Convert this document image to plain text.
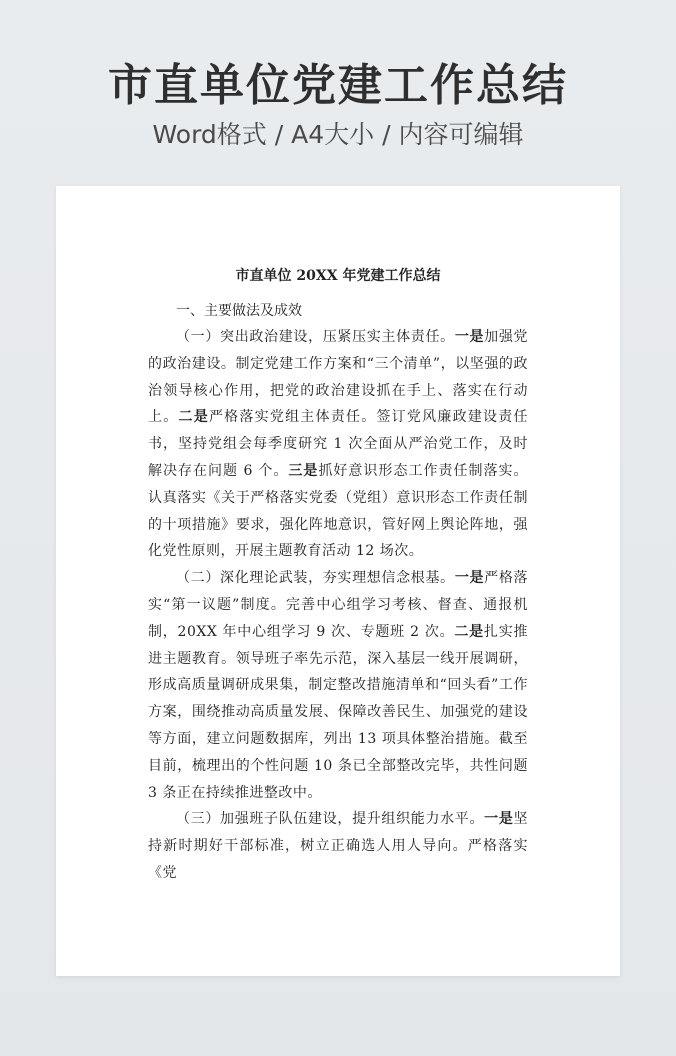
市直单位党建工作总结
Word格式 / A4大小 / 内容可编辑
市直单位 20XX 年党建工作总结

一、主要做法及成效

（一）突出政治建设，压紧压实主体责任。一是加强党的政治建设。制定党建工作方案和“三个清单”，以坚强的政治领导核心作用，把党的政治建设抓在手上、落实在行动上。二是严格落实党组主体责任。签订党风廉政建设责任书，坚持党组会每季度研究 1 次全面从严治党工作，及时解决存在问题 6 个。三是抓好意识形态工作责任制落实。认真落实《关于严格落实党委（党组）意识形态工作责任制的十项措施》要求，强化阵地意识，管好网上舆论阵地，强化党性原则，开展主题教育活动 12 场次。

（二）深化理论武装，夯实理想信念根基。一是严格落实“第一议题”制度。完善中心组学习考核、督查、通报机制，20XX 年中心组学习 9 次、专题班 2 次。二是扎实推进主题教育。领导班子率先示范，深入基层一线开展调研，形成高质量调研成果集，制定整改措施清单和“回头看”工作方案，围绕推动高质量发展、保障改善民生、加强党的建设等方面，建立问题数据库，列出 13 项具体整治措施。截至目前，梳理出的个性问题 10 条已全部整改完毕，共性问题 3 条正在持续推进整改中。

（三）加强班子队伍建设，提升组织能力水平。一是坚持新时期好干部标准，树立正确选人用人导向。严格落实《党
